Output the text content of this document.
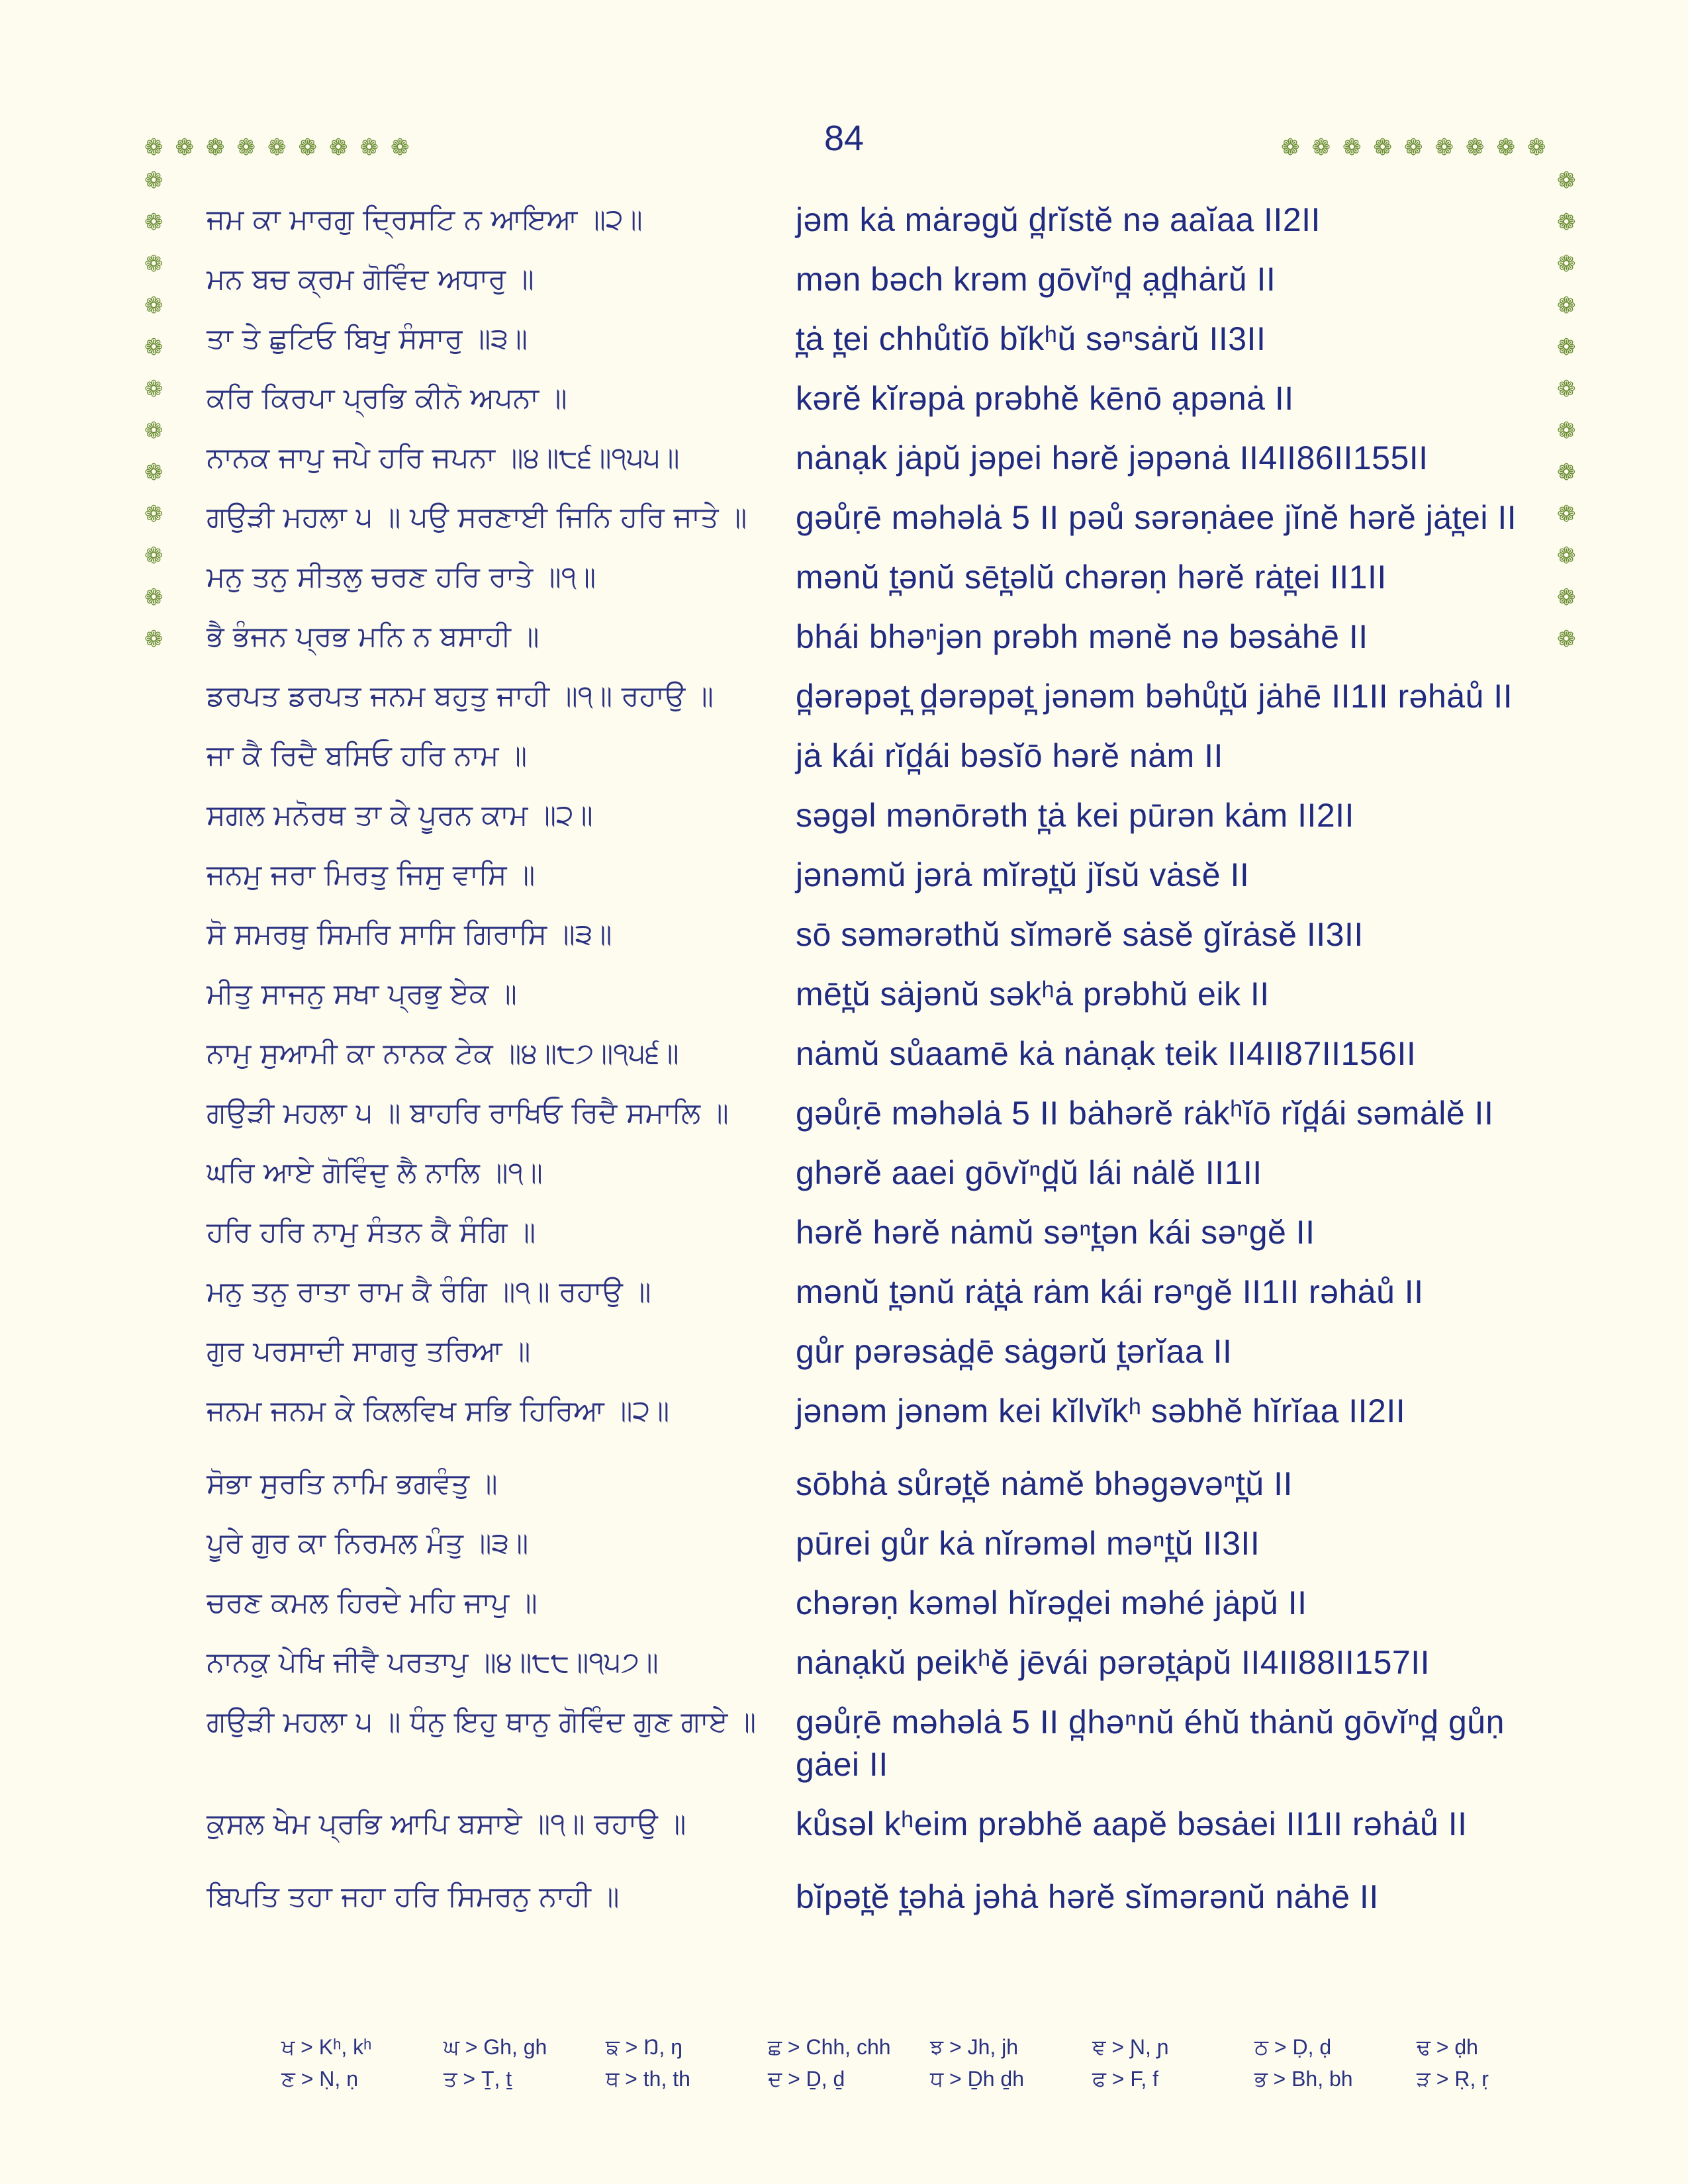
84
❁ ❁ ❁ ❁ ❁ ❁ ❁ ❁ ❁	❁ ❁ ❁ ❁ ❁ ❁ ❁ ❁ ❁
❁
❁
❁
❁
❁
❁
❁
❁
❁
❁
❁
❁
❁
❁
❁
❁
❁
❁
❁
❁
❁
❁
❁
❁
ਜਮ ਕਾ ਮਾਰਗੁ ਦ੍ਰਿਸਟਿ ਨ ਆਇਆ ॥੨॥	jəm kȧ mȧrəgŭ d̪rĭstĕ nə aaĭaa II2II
ਮਨ ਬਚ ਕ੍ਰਮ ਗੋਵਿੰਦ ਅਧਾਰੁ ॥	mən bəch krəm gōvĭⁿd̪ ạd̪hȧrŭ II
ਤਾ ਤੇ ਛੁਟਿਓ ਬਿਖੁ ਸੰਸਾਰੁ ॥੩॥	t̪ȧ t̪ei chhůtĭō bĭkʰŭ səⁿsȧrŭ II3II
ਕਰਿ ਕਿਰਪਾ ਪ੍ਰਭਿ ਕੀਨੋ ਅਪਨਾ ॥	kərĕ kĭrəpȧ prəbhĕ kēnō ạpənȧ II
ਨਾਨਕ ਜਾਪੁ ਜਪੇ ਹਰਿ ਜਪਨਾ ॥੪॥੮੬॥੧੫੫॥	nȧnạk jȧpŭ jəpei hərĕ jəpənȧ II4II86II155II
ਗਉੜੀ ਮਹਲਾ ੫ ॥ ਪਉ ਸਰਣਾਈ ਜਿਨਿ ਹਰਿ ਜਾਤੇ ॥	gəůṛē məhəlȧ 5 II pəů sərəṇȧee jĭnĕ hərĕ jȧt̪ei II
ਮਨੁ ਤਨੁ ਸੀਤਲੁ ਚਰਣ ਹਰਿ ਰਾਤੇ ॥੧॥	mənŭ t̪ənŭ sēt̪əlŭ chərəṇ hərĕ rȧt̪ei II1II
ਭੈ ਭੰਜਨ ਪ੍ਰਭ ਮਨਿ ਨ ਬਸਾਹੀ ॥	bhái bhəⁿjən prəbh mənĕ nə bəsȧhē II
ਡਰਪਤ ਡਰਪਤ ਜਨਮ ਬਹੁਤੁ ਜਾਹੀ ॥੧॥ ਰਹਾਉ ॥	d̪ərəpət̪ d̪ərəpət̪ jənəm bəhůt̪ŭ jȧhē II1II rəhȧů II
ਜਾ ਕੈ ਰਿਦੈ ਬਸਿਓ ਹਰਿ ਨਾਮ ॥	jȧ kái rĭd̪ái bəsĭō hərĕ nȧm II
ਸਗਲ ਮਨੋਰਥ ਤਾ ਕੇ ਪੂਰਨ ਕਾਮ ॥੨॥	səgəl mənōrəth t̪ȧ kei pūrən kȧm II2II
ਜਨਮੁ ਜਰਾ ਮਿਰਤੁ ਜਿਸੁ ਵਾਸਿ ॥	jənəmŭ jərȧ mĭrət̪ŭ jĭsŭ vȧsĕ II
ਸੋ ਸਮਰਥੁ ਸਿਮਰਿ ਸਾਸਿ ਗਿਰਾਸਿ ॥੩॥	sō səmərəthŭ sĭmərĕ sȧsĕ gĭrȧsĕ II3II
ਮੀਤੁ ਸਾਜਨੁ ਸਖਾ ਪ੍ਰਭੁ ਏਕ ॥	mēt̪ŭ sȧjənŭ səkʰȧ prəbhŭ eik II
ਨਾਮੁ ਸੁਆਮੀ ਕਾ ਨਾਨਕ ਟੇਕ ॥੪॥੮੭॥੧੫੬॥	nȧmŭ sůaamē kȧ nȧnạk teik II4II87II156II
ਗਉੜੀ ਮਹਲਾ ੫ ॥ ਬਾਹਰਿ ਰਾਖਿਓ ਰਿਦੈ ਸਮਾਲਿ ॥	gəůṛē məhəlȧ 5 II bȧhərĕ rȧkʰĭō rĭd̪ái səmȧlĕ II
ਘਰਿ ਆਏ ਗੋਵਿੰਦੁ ਲੈ ਨਾਲਿ ॥੧॥	ghərĕ aaei gōvĭⁿd̪ŭ lái nȧlĕ II1II
ਹਰਿ ਹਰਿ ਨਾਮੁ ਸੰਤਨ ਕੈ ਸੰਗਿ ॥	hərĕ hərĕ nȧmŭ səⁿt̪ən kái səⁿgĕ II
ਮਨੁ ਤਨੁ ਰਾਤਾ ਰਾਮ ਕੈ ਰੰਗਿ ॥੧॥ ਰਹਾਉ ॥	mənŭ t̪ənŭ rȧt̪ȧ rȧm kái rəⁿgĕ II1II rəhȧů II
ਗੁਰ ਪਰਸਾਦੀ ਸਾਗਰੁ ਤਰਿਆ ॥	gůr pərəsȧd̪ē sȧgərŭ t̪ərĭaa II
ਜਨਮ ਜਨਮ ਕੇ ਕਿਲਵਿਖ ਸਭਿ ਹਿਰਿਆ ॥੨॥	jənəm jənəm kei kĭlvĭkʰ səbhĕ hĭrĭaa II2II
ਸੋਭਾ ਸੁਰਤਿ ਨਾਮਿ ਭਗਵੰਤੁ ॥	sōbhȧ sůrət̪ĕ nȧmĕ bhəgəvəⁿt̪ŭ II
ਪੂਰੇ ਗੁਰ ਕਾ ਨਿਰਮਲ ਮੰਤੁ ॥੩॥	pūrei gůr kȧ nĭrəməl məⁿt̪ŭ II3II
ਚਰਣ ਕਮਲ ਹਿਰਦੇ ਮਹਿ ਜਾਪੁ ॥	chərəṇ kəməl hĭrəd̪ei məhé jȧpŭ II
ਨਾਨਕੁ ਪੇਖਿ ਜੀਵੈ ਪਰਤਾਪੁ ॥੪॥੮੮॥੧੫੭॥	nȧnạkŭ peikʰĕ jēvái pərət̪ȧpŭ II4II88II157II
ਗਉੜੀ ਮਹਲਾ ੫ ॥ ਧੰਨੁ ਇਹੁ ਥਾਨੁ ਗੋਵਿੰਦ ਗੁਣ ਗਾਏ ॥	gəůṛē məhəlȧ 5 II d̪həⁿnŭ éhŭ thȧnŭ gōvĭⁿd̪ gůṇ gȧei II
ਕੁਸਲ ਖੇਮ ਪ੍ਰਭਿ ਆਪਿ ਬਸਾਏ ॥੧॥ ਰਹਾਉ ॥	kůsəl kʰeim prəbhĕ aapĕ bəsȧei II1II rəhȧů II
ਬਿਪਤਿ ਤਹਾ ਜਹਾ ਹਰਿ ਸਿਮਰਨੁ ਨਾਹੀ ॥	bĭpət̪ĕ t̪əhȧ jəhȧ hərĕ sĭmərənŭ nȧhē II
ਖ > Kʰ, kʰ	ਘ > Gh, gh	ਙ > Ŋ, ŋ	ਛ > Chh, chh	ਝ > Jh, jh	ਞ > Ɲ, ɲ	ਠ > Ḍ, ḍ	ਢ > ḍh
ਣ > Ṇ, ṇ	ਤ > Ṯ, ṯ	ਥ > th, th	ਦ > Ḏ, ḏ	ਧ > Ḏh ḏh	ਫ > F, f	ਭ > Bh, bh	ੜ > Ṛ, ṛ
